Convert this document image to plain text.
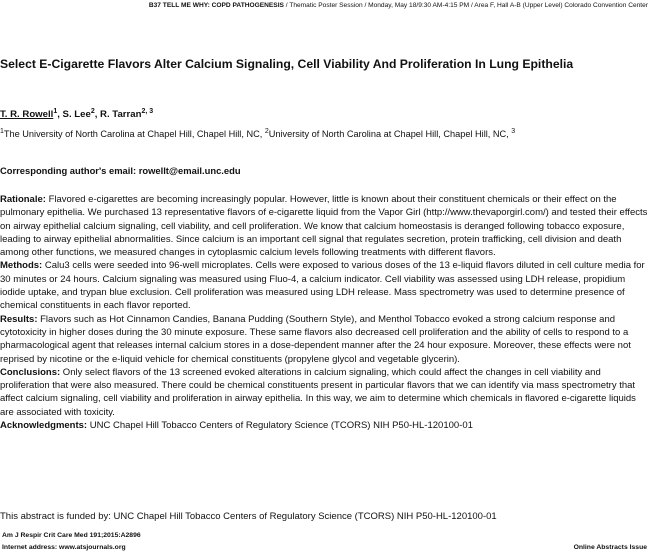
B37 TELL ME WHY: COPD PATHOGENESIS / Thematic Poster Session / Monday, May 18/9:30 AM-4:15 PM / Area F, Hall A-B (Upper Level) Colorado Convention Center
Select E-Cigarette Flavors Alter Calcium Signaling, Cell Viability And Proliferation In Lung Epithelia
T. R. Rowell$^1$, S. Lee$^2$, R. Tarran$^{2, 3}$
$^1$The University of North Carolina at Chapel Hill, Chapel Hill, NC, $^2$University of North Carolina at Chapel Hill, Chapel Hill, NC, $^3$
Corresponding author's email: rowellt@email.unc.edu

Rationale: Flavored e-cigarettes are becoming increasingly popular. However, little is known about their constituent chemicals or their effect on the pulmonary epithelia. We purchased 13 representative flavors of e-cigarette liquid from the Vapor Girl (http://www.thevaporgirl.com/) and tested their effects on airway epithelial calcium signaling, cell viability, and cell proliferation. We know that calcium homeostasis is deranged following tobacco exposure, leading to airway epithelial abnormalities. Since calcium is an important cell signal that regulates secretion, protein trafficking, cell division and death among other functions, we measured changes in cytoplasmic calcium levels following treatments with different flavors.

Methods: Calu3 cells were seeded into 96-well microplates. Cells were exposed to various doses of the 13 e-liquid flavors diluted in cell culture media for 30 minutes or 24 hours. Calcium signaling was measured using Fluo-4, a calcium indicator. Cell viability was assessed using LDH release, propidium iodide uptake, and trypan blue exclusion. Cell proliferation was measured using LDH release. Mass spectrometry was used to determine presence of chemical constituents in each flavor reported.

Results: Flavors such as Hot Cinnamon Candies, Banana Pudding (Southern Style), and Menthol Tobacco evoked a strong calcium response and cytotoxicity in higher doses during the 30 minute exposure. These same flavors also decreased cell proliferation and the ability of cells to respond to a pharmacological agent that releases internal calcium stores in a dose-dependent manner after the 24 hour exposure. Moreover, these effects were not reprised by nicotine or the e-liquid vehicle for chemical constituents (propylene glycol and vegetable glycerin).

Conclusions: Only select flavors of the 13 screened evoked alterations in calcium signaling, which could affect the changes in cell viability and proliferation that were also measured. There could be chemical constituents present in particular flavors that we can identify via mass spectrometry that affect calcium signaling, cell viability and proliferation in airway epithelia. In this way, we aim to determine which chemicals in flavored e-cigarette liquids are associated with toxicity.

Acknowledgments: UNC Chapel Hill Tobacco Centers of Regulatory Science (TCORS) NIH P50-HL-120100-01

This abstract is funded by: UNC Chapel Hill Tobacco Centers of Regulatory Science (TCORS) NIH P50-HL-120100-01
Am J Respir Crit Care Med 191;2015:A2896
Internet address: www.atsjournals.org	Online Abstracts Issue
